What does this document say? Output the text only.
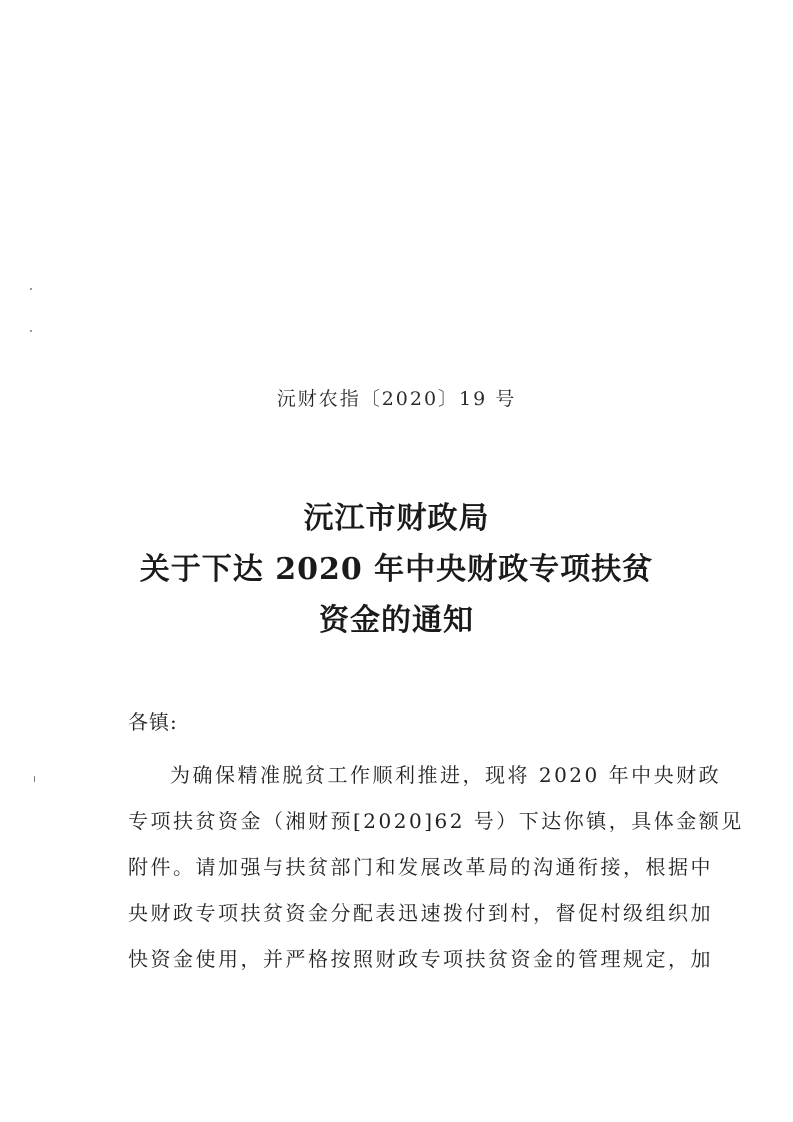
沅财农指〔2020〕19 号
沅江市财政局
关于下达 2020 年中央财政专项扶贫
资金的通知
各镇:
为确保精准脱贫工作顺利推进，现将 2020 年中央财政
专项扶贫资金（湘财预[2020]62 号）下达你镇，具体金额见
附件。请加强与扶贫部门和发展改革局的沟通衔接，根据中
央财政专项扶贫资金分配表迅速拨付到村，督促村级组织加
快资金使用，并严格按照财政专项扶贫资金的管理规定，加
